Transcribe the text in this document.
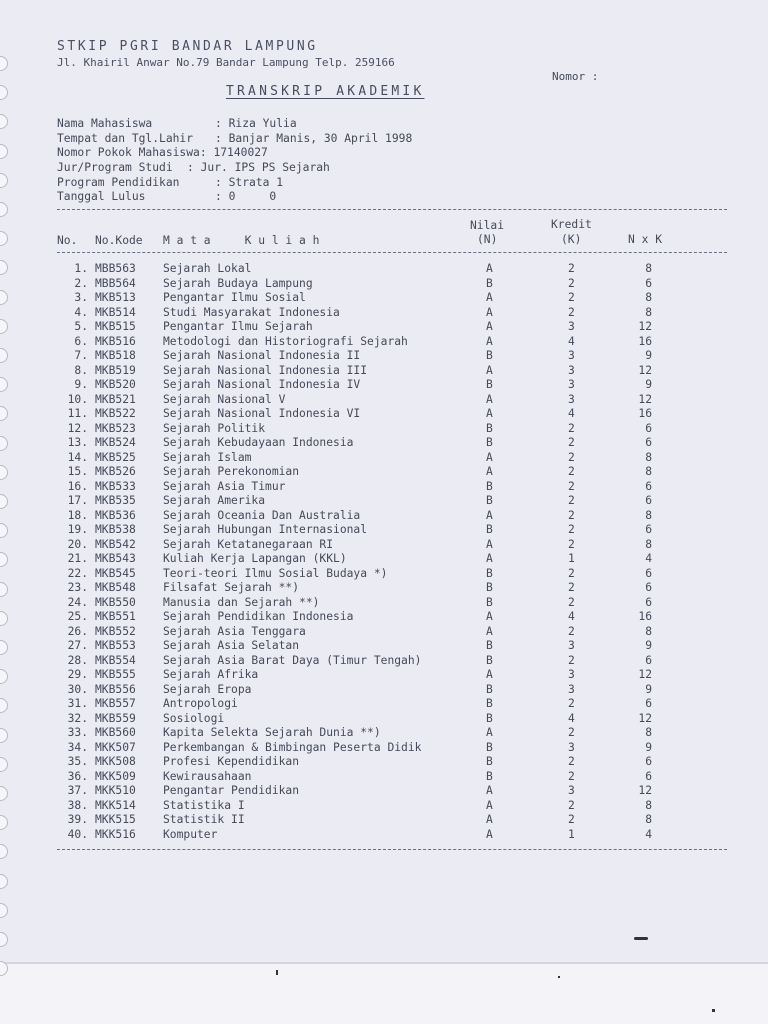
STKIP PGRI BANDAR LAMPUNG
Jl. Khairil Anwar No.79 Bandar Lampung Telp. 259166
Nomor :
TRANSKRIP AKADEMIK

Nama Mahasiswa

	: Riza Yulia

Tempat dan Tgl.Lahir

: Banjar Manis, 30 April 1998

Nomor Pokok Mahasiswa: 17140027

Jur/Program Studi

: Jur. IPS PS Sejarah

Program Pendidikan

	: Strata 1

Tanggal Lulus

	: 0     0

Nilai	Kredit
No. No.Kode M a t a     K u l i a h	(N)	(K)	N x K
1. MBB563 Sejarah Lokal	A	2	8
2. MBB564 Sejarah Budaya Lampung	B	2	6
3. MKB513 Pengantar Ilmu Sosial	A	2	8
4. MKB514 Studi Masyarakat Indonesia	A	2	8
5. MKB515 Pengantar Ilmu Sejarah	A	3	12
6. MKB516 Metodologi dan Historiografi Sejarah	A	4	16
7. MKB518 Sejarah Nasional Indonesia II	B	3	9
8. MKB519 Sejarah Nasional Indonesia III	A	3	12
9. MKB520 Sejarah Nasional Indonesia IV	B	3	9
10. MKB521 Sejarah Nasional V	A	3	12
11. MKB522 Sejarah Nasional Indonesia VI	A	4	16
12. MKB523 Sejarah Politik	B	2	6
13. MKB524 Sejarah Kebudayaan Indonesia	B	2	6
14. MKB525 Sejarah Islam	A	2	8
15. MKB526 Sejarah Perekonomian	A	2	8
16. MKB533 Sejarah Asia Timur	B	2	6
17. MKB535 Sejarah Amerika	B	2	6
18. MKB536 Sejarah Oceania Dan Australia	A	2	8
19. MKB538 Sejarah Hubungan Internasional	B	2	6
20. MKB542 Sejarah Ketatanegaraan RI	A	2	8
21. MKB543 Kuliah Kerja Lapangan (KKL)	A	1	4
22. MKB545 Teori-teori Ilmu Sosial Budaya *)	B	2	6
23. MKB548 Filsafat Sejarah **)	B	2	6
24. MKB550 Manusia dan Sejarah **)	B	2	6
25. MKB551 Sejarah Pendidikan Indonesia	A	4	16
26. MKB552 Sejarah Asia Tenggara	A	2	8
27. MKB553 Sejarah Asia Selatan	B	3	9
28. MKB554 Sejarah Asia Barat Daya (Timur Tengah)	B	2	6
29. MKB555 Sejarah Afrika	A	3	12
30. MKB556 Sejarah Eropa	B	3	9
31. MKB557 Antropologi	B	2	6
32. MKB559 Sosiologi	B	4	12
33. MKB560 Kapita Selekta Sejarah Dunia **)	A	2	8
34. MKK507 Perkembangan & Bimbingan Peserta Didik	B	3	9
35. MKK508 Profesi Kependidikan	B	2	6
36. MKK509 Kewirausahaan	B	2	6
37. MKK510 Pengantar Pendidikan	A	3	12
38. MKK514 Statistika I	A	2	8
39. MKK515 Statistik II	A	2	8
40. MKK516 Komputer	A	1	4
